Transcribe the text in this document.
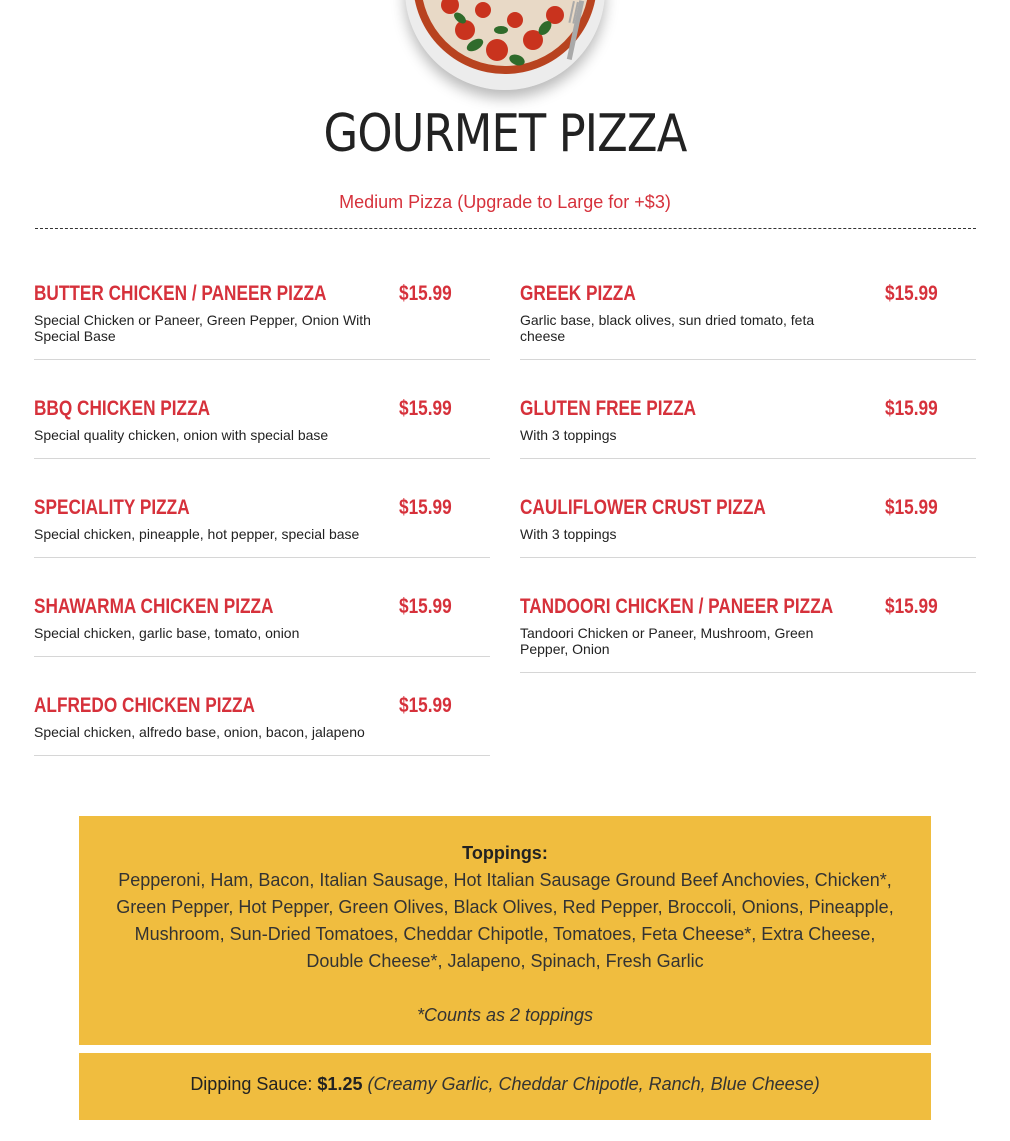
GOURMET PIZZA
Medium Pizza (Upgrade to Large for +$3)
BUTTER CHICKEN / PANEER PIZZA	$15.99
Special Chicken or Paneer, Green Pepper, Onion With Special Base
BBQ CHICKEN PIZZA	$15.99
Special quality chicken, onion with special base
SPECIALITY PIZZA	$15.99
Special chicken, pineapple, hot pepper, special base
SHAWARMA CHICKEN PIZZA	$15.99
Special chicken, garlic base, tomato, onion
ALFREDO CHICKEN PIZZA	$15.99
Special chicken, alfredo base, onion, bacon, jalapeno
GREEK PIZZA	$15.99
Garlic base, black olives, sun dried tomato, feta cheese
GLUTEN FREE PIZZA	$15.99
With 3 toppings
CAULIFLOWER CRUST PIZZA	$15.99
With 3 toppings
TANDOORI CHICKEN / PANEER PIZZA $15.99
Tandoori Chicken or Paneer, Mushroom, Green Pepper, Onion
Toppings:
Pepperoni, Ham, Bacon, Italian Sausage, Hot Italian Sausage Ground Beef Anchovies, Chicken*, Green Pepper, Hot Pepper, Green Olives, Black Olives, Red Pepper, Broccoli, Onions, Pineapple, Mushroom, Sun-Dried Tomatoes, Cheddar Chipotle, Tomatoes, Feta Cheese*, Extra Cheese, Double Cheese*, Jalapeno, Spinach, Fresh Garlic
*Counts as 2 toppings
Dipping Sauce: $1.25 (Creamy Garlic, Cheddar Chipotle, Ranch, Blue Cheese)
